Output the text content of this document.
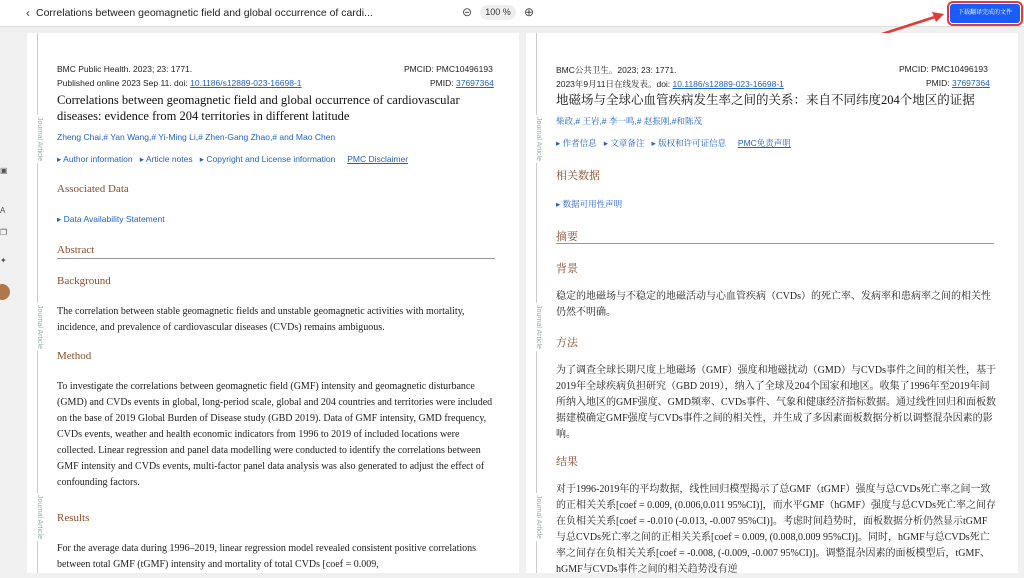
‹ Correlations between geomagnetic field and global occurrence of cardi...	⊝	100 %	⊕	下载翻译完成的文件
▣
A
❐
✦
Journal Article
Journal Article
Journal Article
BMC Public Health. 2023; 23: 1771.	PMCID: PMC10496193
Published online 2023 Sep 11. doi: 10.1186/s12889-023-16698-1	PMID: 37697364
Correlations between geomagnetic field and global occurrence of cardiovascular diseases: evidence from 204 territories in different latitude
Zheng Chai,# Yan Wang,# Yi-Ming Li,# Zhen-Gang Zhao,# and Mao Chen
▸ Author information ▸ Article notes ▸ Copyright and License information PMC Disclaimer
Associated Data
▸ Data Availability Statement
Abstract
Background
The correlation between stable geomagnetic fields and unstable geomagnetic activities with mortality, incidence, and prevalence of cardiovascular diseases (CVDs) remains ambiguous.
Method
To investigate the correlations between geomagnetic field (GMF) intensity and geomagnetic disturbance (GMD) and CVDs events in global, long-period scale, global and 204 countries and territories were included on the base of 2019 Global Burden of Disease study (GBD 2019). Data of GMF intensity, GMD frequency, CVDs events, weather and health economic indicators from 1996 to 2019 of included locations were collected. Linear regression and panel data modelling were conducted to identify the correlations between GMF intensity and CVDs events, multi-factor panel data analysis was also generated to adjust the effect of confounding factors.
Results
For the average data during 1996–2019, linear regression model revealed consistent positive correlations between total GMF (tGMF) intensity and mortality of total CVDs [coef = 0.009,
Journal Article
Journal Article
Journal Article
BMC公共卫生。2023; 23: 1771.	PMCID: PMC10496193
2023年9月11日在线发表。doi: 10.1186/s12889-023-16698-1	PMID: 37697364
地磁场与全球心血管疾病发生率之间的关系：来自不同纬度204个地区的证据
柴政,# 王岩,# 李一鸣,# 赵振刚,#和陈茂
▸ 作者信息 ▸ 文章备注 ▸ 版权和许可证信息 PMC免责声明
相关数据
▸ 数据可用性声明
摘要
背景
稳定的地磁场与不稳定的地磁活动与心血管疾病（CVDs）的死亡率、发病率和患病率之间的相关性仍然不明确。
方法
为了调查全球长期尺度上地磁场（GMF）强度和地磁扰动（GMD）与CVDs事件之间的相关性，基于2019年全球疾病负担研究（GBD 2019），纳入了全球及204个国家和地区。收集了1996年至2019年间所纳入地区的GMF强度、GMD频率、CVDs事件、气象和健康经济指标数据。通过线性回归和面板数据建模确定GMF强度与CVDs事件之间的相关性，并生成了多因素面板数据分析以调整混杂因素的影响。
结果
对于1996-2019年的平均数据，线性回归模型揭示了总GMF（tGMF）强度与总CVDs死亡率之间一致的正相关关系[coef = 0.009, (0.006,0.011 95%CI)]，而水平GMF（hGMF）强度与总CVDs死亡率之间存在负相关关系[coef = -0.010 (-0.013, -0.007 95%CI)]。考虑时间趋势时，面板数据分析仍然显示tGMF与总CVDs死亡率之间的正相关关系[coef = 0.009, (0.008,0.009 95%CI)]。同时，hGMF与总CVDs死亡率之间存在负相关关系[coef = -0.008, (-0.009, -0.007 95%CI)]。调整混杂因素的面板模型后，tGMF、hGMF与CVDs事件之间的相关趋势没有逆
